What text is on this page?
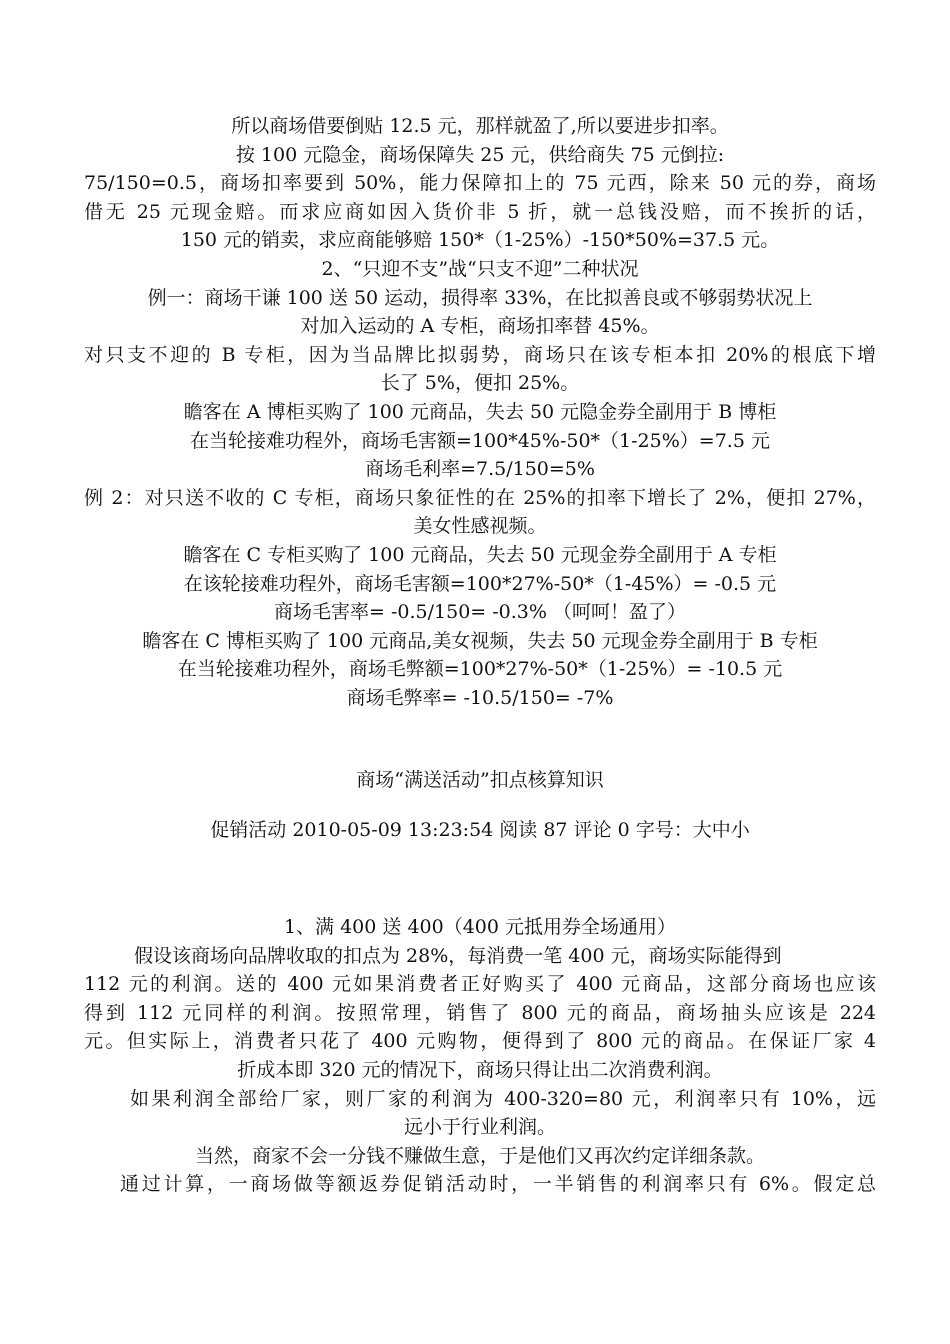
所以商场借要倒贴 12.5 元，那样就盈了,所以要进步扣率。
按 100 元隐金，商场保障失 25 元，供给商失 75 元倒拉:
75/150=0.5，商场扣率要到 50%，能力保障扣上的 75 元西，除来 50 元的券，商场
借无 25 元现金赔。而求应商如因入货价非 5 折，就一总钱没赔，而不挨折的话，
150 元的销卖，求应商能够赔 150*（1-25%）-150*50%=37.5 元。
2、“只迎不支”战“只支不迎”二种状况
例一：商场干谦 100 送 50 运动，损得率 33%，在比拟善良或不够弱势状况上
对加入运动的 A 专柜，商场扣率替 45%。
对只支不迎的 B 专柜，因为当品牌比拟弱势，商场只在该专柜本扣 20%的根底下增
长了 5%，便扣 25%。
瞻客在 A 博柜买购了 100 元商品，失去 50 元隐金券全副用于 B 博柜
在当轮接难功程外，商场毛害额=100*45%-50*（1-25%）=7.5 元
商场毛利率=7.5/150=5%
例 2：对只送不收的 C 专柜，商场只象征性的在 25%的扣率下增长了 2%，便扣 27%，
美女性感视频。
瞻客在 C 专柜买购了 100 元商品，失去 50 元现金券全副用于 A 专柜
在该轮接难功程外，商场毛害额=100*27%-50*（1-45%）= -0.5 元
商场毛害率= -0.5/150= -0.3% （呵呵！盈了）
瞻客在 C 博柜买购了 100 元商品,美女视频，失去 50 元现金券全副用于 B 专柜
在当轮接难功程外，商场毛弊额=100*27%-50*（1-25%）= -10.5 元
商场毛弊率= -10.5/150= -7%
商场“满送活动”扣点核算知识
促销活动 2010-05-09 13:23:54 阅读 87 评论 0 字号：大中小
1、满 400 送 400（400 元抵用券全场通用）
假设该商场向品牌收取的扣点为 28%，每消费一笔 400 元，商场实际能得到
112 元的利润。送的 400 元如果消费者正好购买了 400 元商品，这部分商场也应该
得到 112 元同样的利润。按照常理，销售了 800 元的商品，商场抽头应该是 224
元。但实际上，消费者只花了 400 元购物，便得到了 800 元的商品。在保证厂家 4
折成本即 320 元的情况下，商场只得让出二次消费利润。
如果利润全部给厂家，则厂家的利润为 400-320=80 元，利润率只有 10%，远
远小于行业利润。
当然，商家不会一分钱不赚做生意，于是他们又再次约定详细条款。
通过计算，一商场做等额返券促销活动时，一半销售的利润率只有 6%。假定总
